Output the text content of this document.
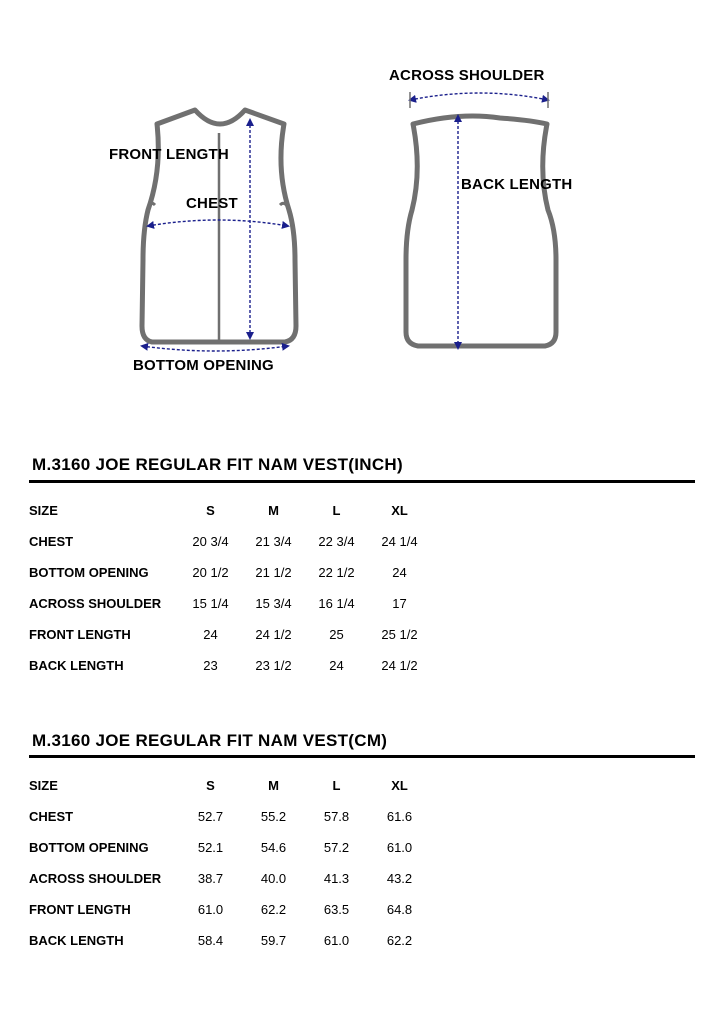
FRONT LENGTH
CHEST
BOTTOM OPENING
ACROSS SHOULDER
BACK LENGTH
M.3160 JOE REGULAR FIT NAM VEST(INCH)
SIZE	S	M	L	XL
CHEST	20 3/4	21 3/4	22 3/4	24 1/4
BOTTOM OPENING	20 1/2	21 1/2	22 1/2	24
ACROSS SHOULDER	15 1/4	15 3/4	16 1/4	17
FRONT LENGTH	24	24 1/2	25	25 1/2
BACK LENGTH	23	23 1/2	24	24 1/2
M.3160 JOE REGULAR FIT NAM VEST(CM)
SIZE	S	M	L	XL
CHEST	52.7	55.2	57.8	61.6
BOTTOM OPENING	52.1	54.6	57.2	61.0
ACROSS SHOULDER	38.7	40.0	41.3	43.2
FRONT LENGTH	61.0	62.2	63.5	64.8
BACK LENGTH	58.4	59.7	61.0	62.2
